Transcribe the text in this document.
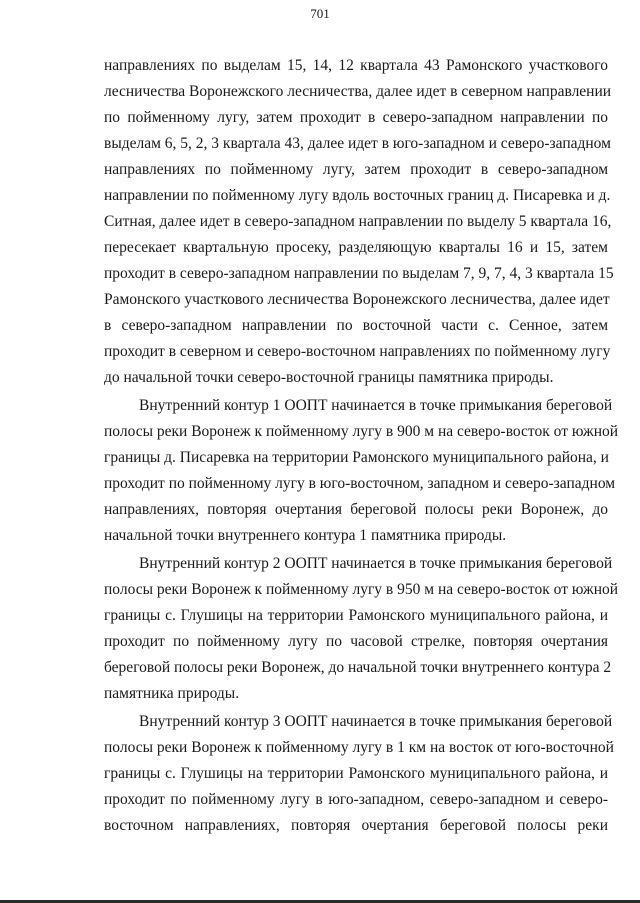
701
направлениях по выделам 15, 14, 12 квартала 43 Рамонского участкового
лесничества Воронежского лесничества, далее идет в северном направлении
по пойменному лугу, затем проходит в северо-западном направлении по
выделам 6, 5, 2, 3 квартала 43, далее идет в юго-западном и северо-западном
направлениях по пойменному лугу, затем проходит в северо-западном
направлении по пойменному лугу вдоль восточных границ д. Писаревка и д.
Ситная, далее идет в северо-западном направлении по выделу 5 квартала 16,
пересекает квартальную просеку, разделяющую кварталы 16 и 15, затем
проходит в северо-западном направлении по выделам 7, 9, 7, 4, 3 квартала 15
Рамонского участкового лесничества Воронежского лесничества, далее идет
в северо-западном направлении по восточной части с. Сенное, затем
проходит в северном и северо-восточном направлениях по пойменному лугу
до начальной точки северо-восточной границы памятника природы.
Внутренний контур 1 ООПТ начинается в точке примыкания береговой
полосы реки Воронеж к пойменному лугу в 900 м на северо-восток от южной
границы д. Писаревка на территории Рамонского муниципального района, и
проходит по пойменному лугу в юго-восточном, западном и северо-западном
направлениях, повторяя очертания береговой полосы реки Воронеж, до
начальной точки внутреннего контура 1 памятника природы.
Внутренний контур 2 ООПТ начинается в точке примыкания береговой
полосы реки Воронеж к пойменному лугу в 950 м на северо-восток от южной
границы с. Глушицы на территории Рамонского муниципального района, и
проходит по пойменному лугу по часовой стрелке, повторяя очертания
береговой полосы реки Воронеж, до начальной точки внутреннего контура 2
памятника природы.
Внутренний контур 3 ООПТ начинается в точке примыкания береговой
полосы реки Воронеж к пойменному лугу в 1 км на восток от юго-восточной
границы с. Глушицы на территории Рамонского муниципального района, и
проходит по пойменному лугу в юго-западном, северо-западном и северо-
восточном направлениях, повторяя очертания береговой полосы реки
